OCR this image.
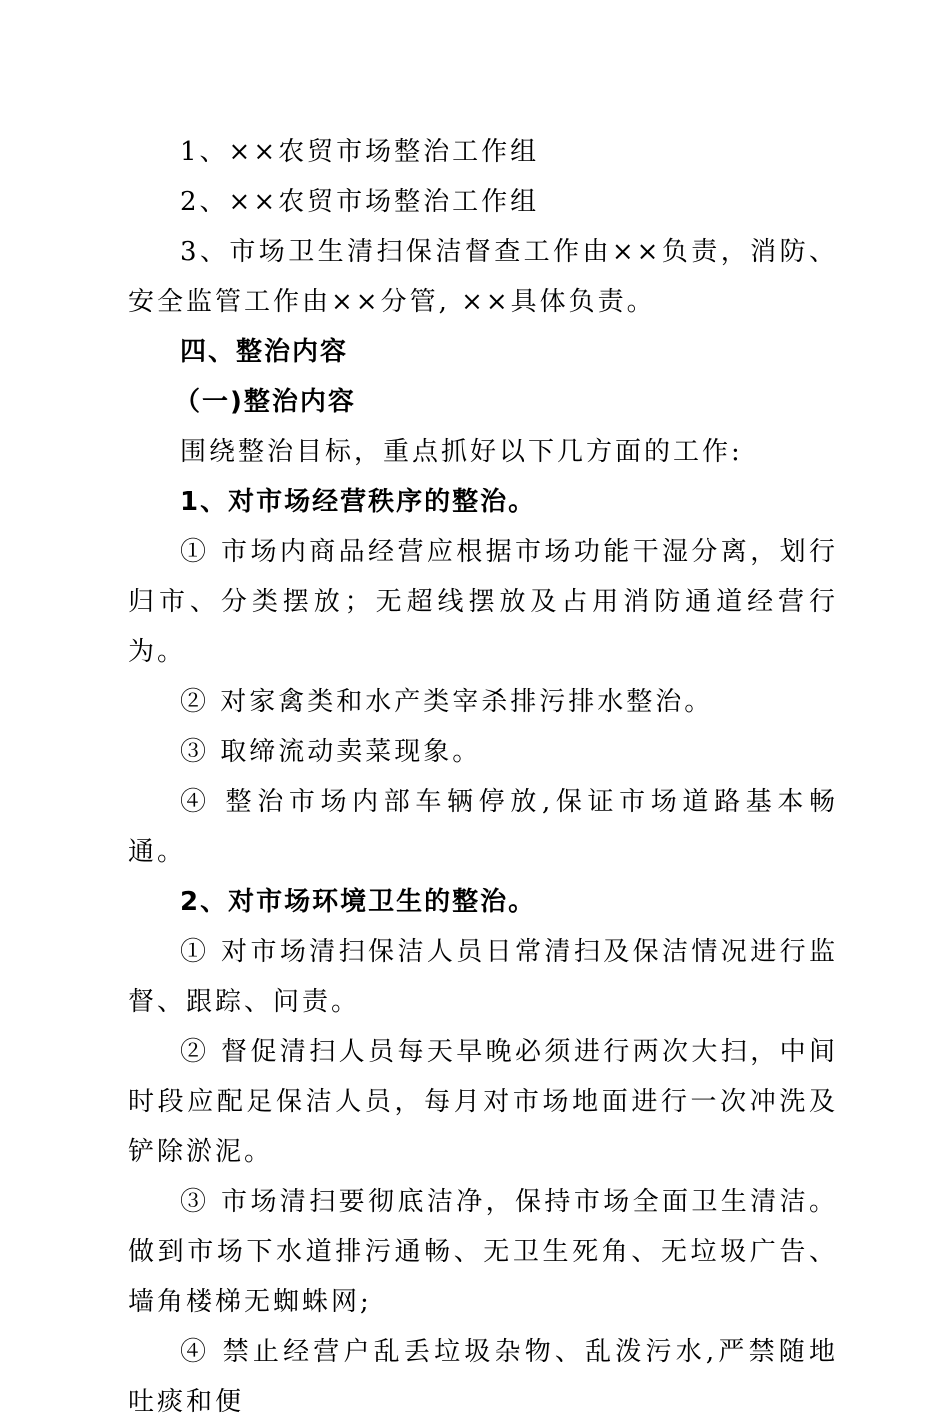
1、××农贸市场整治工作组

2、××农贸市场整治工作组

3、市场卫生清扫保洁督查工作由××负责，消防、安全监管工作由××分管, ××具体负责。

四、整治内容

（一)整治内容

围绕整治目标，重点抓好以下几方面的工作:

1、对市场经营秩序的整治。

① 市场内商品经营应根据市场功能干湿分离，划行归市、分类摆放；无超线摆放及占用消防通道经营行为。

② 对家禽类和水产类宰杀排污排水整治。

③ 取缔流动卖菜现象。

④ 整治市场内部车辆停放,保证市场道路基本畅通。

2、对市场环境卫生的整治。

① 对市场清扫保洁人员日常清扫及保洁情况进行监督、跟踪、问责。

② 督促清扫人员每天早晚必须进行两次大扫，中间时段应配足保洁人员，每月对市场地面进行一次冲洗及铲除淤泥。

③ 市场清扫要彻底洁净，保持市场全面卫生清洁。做到市场下水道排污通畅、无卫生死角、无垃圾广告、墙角楼梯无蜘蛛网;

④ 禁止经营户乱丢垃圾杂物、乱泼污水,严禁随地吐痰和便
